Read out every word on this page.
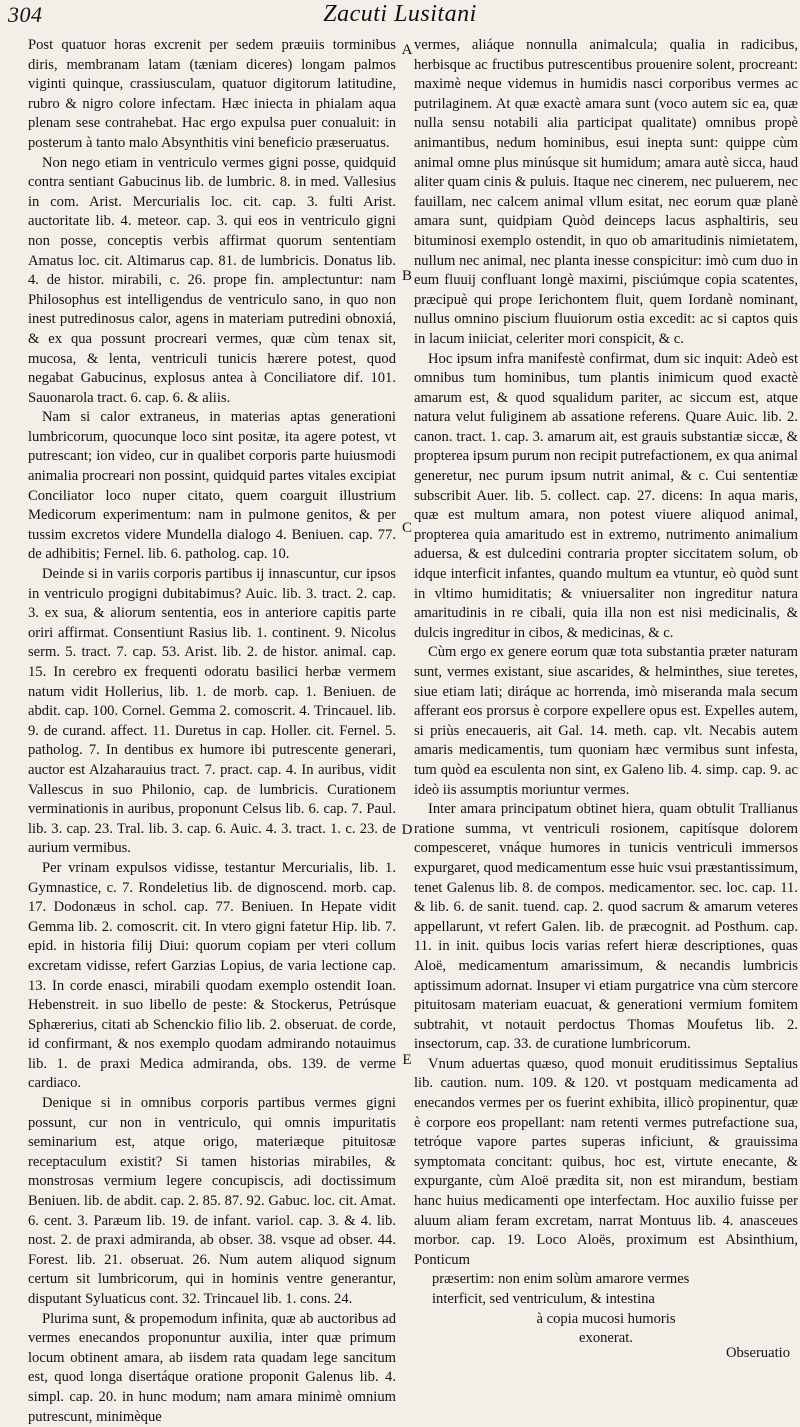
304	Zacuti Lusitani

Post quatuor horas excrenit per sedem præuiis torminibus diris, membranam latam (tæniam diceres) longam palmos viginti quinque, crassiusculam, quatuor digitorum latitudine, rubro & nigro colore infectam. Hæc iniecta in phialam aqua plenam sese contrahebat. Hac ergo expulsa puer conualuit: in posterum à tanto malo Absynthitis vini beneficio præseruatus.

Non nego etiam in ventriculo vermes gigni posse, quidquid contra sentiant Gabucinus lib. de lumbric. 8. in med. Vallesius in com. Arist. Mercurialis loc. cit. cap. 3. fulti Arist. auctoritate lib. 4. meteor. cap. 3. qui eos in ventriculo gigni non posse, conceptis verbis affirmat quorum sententiam Amatus loc. cit. Altimarus cap. 81. de lumbricis. Donatus lib. 4. de histor. mirabili, c. 26. prope fin. amplectuntur: nam Philosophus est intelligendus de ventriculo sano, in quo non inest putredinosus calor, agens in materiam putredini obnoxiá, & ex qua possunt procreari vermes, quæ cùm tenax sit, mucosa, & lenta, ventriculi tunicis hærere potest, quod negabat Gabucinus, explosus antea à Conciliatore dif. 101. Sauonarola tract. 6. cap. 6. & aliis.

Nam si calor extraneus, in materias aptas generationi lumbricorum, quocunque loco sint positæ, ita agere potest, vt putrescant; ion video, cur in qualibet corporis parte huiusmodi animalia procreari non possint, quidquid partes vitales excipiat Conciliator loco nuper citato, quem coarguit illustrium Medicorum experimentum: nam in pulmone genitos, & per tussim excretos videre Mundella dialogo 4. Beniuen. cap. 77. de adhibitis; Fernel. lib. 6. patholog. cap. 10.

Deinde si in variis corporis partibus ij innascuntur, cur ipsos in ventriculo progigni dubitabimus? Auic. lib. 3. tract. 2. cap. 3. ex sua, & aliorum sententia, eos in anteriore capitis parte oriri affirmat. Consentiunt Rasius lib. 1. continent. 9. Nicolus serm. 5. tract. 7. cap. 53. Arist. lib. 2. de histor. animal. cap. 15. In cerebro ex frequenti odoratu basilici herbæ vermem natum vidit Hollerius, lib. 1. de morb. cap. 1. Beniuen. de abdit. cap. 100. Cornel. Gemma 2. comoscrit. 4. Trincauel. lib. 9. de curand. affect. 11. Duretus in cap. Holler. cit. Fernel. 5. patholog. 7. In dentibus ex humore ibi putrescente generari, auctor est Alzaharauius tract. 7. pract. cap. 4. In auribus, vidit Vallescus in suo Philonio, cap. de lumbricis. Curationem verminationis in auribus, proponunt Celsus lib. 6. cap. 7. Paul. lib. 3. cap. 23. Tral. lib. 3. cap. 6. Auic. 4. 3. tract. 1. c. 23. de aurium vermibus.

Per vrinam expulsos vidisse, testantur Mercurialis, lib. 1. Gymnastice, c. 7. Rondeletius lib. de dignoscend. morb. cap. 17. Dodonæus in schol. cap. 77. Beniuen. In Hepate vidit Gemma lib. 2. comoscrit. cit. In vtero gigni fatetur Hip. lib. 7. epid. in historia filij Diui: quorum copiam per vteri collum excretam vidisse, refert Garzias Lopius, de varia lectione cap. 13. In corde enasci, mirabili quodam exemplo ostendit Ioan. Hebenstreit. in suo libello de peste: & Stockerus, Petrúsque Sphærerius, citati ab Schenckio filio lib. 2. obseruat. de corde, id confirmant, & nos exemplo quodam admirando notauimus lib. 1. de praxi Medica admiranda, obs. 139. de verme cardiaco.

Denique si in omnibus corporis partibus vermes gigni possunt, cur non in ventriculo, qui omnis impuritatis seminarium est, atque origo, materiæque pituitosæ receptaculum existit? Si tamen historias mirabiles, & monstrosas vermium legere concupiscis, adi doctissimum Beniuen. lib. de abdit. cap. 2. 85. 87. 92. Gabuc. loc. cit. Amat. 6. cent. 3. Paræum lib. 19. de infant. variol. cap. 3. & 4. lib. nost. 2. de praxi admiranda, ab obser. 38. vsque ad obser. 44. Forest. lib. 21. obseruat. 26. Num autem aliquod signum certum sit lumbricorum, qui in hominis ventre generantur, disputant Syluaticus cont. 32. Trincauel lib. 1. cons. 24.

Plurima sunt, & propemodum infinita, quæ ab auctoribus ad vermes enecandos proponuntur auxilia, inter quæ primum locum obtinent amara, ab iisdem rata quadam lege sancitum est, quod longa disertáque oratione proponit Galenus lib. 4. simpl. cap. 20. in hunc modum; nam amara minimè omnium putrescunt, minimèque

A
B
C
D
E

vermes, aliáque nonnulla animalcula; qualia in radicibus, herbisque ac fructibus putrescentibus prouenire solent, procreant: maximè neque videmus in humidis nasci corporibus vermes ac putrilaginem. At quæ exactè amara sunt (voco autem sic ea, quæ nulla sensu notabili alia participat qualitate) omnibus propè animantibus, nedum hominibus, esui inepta sunt: quippe cùm animal omne plus minúsque sit humidum; amara autè sicca, haud aliter quam cinis & puluis. Itaque nec cinerem, nec puluerem, nec fauillam, nec calcem animal vllum esitat, nec eorum quæ planè amara sunt, quidpiam Quòd deinceps lacus asphaltiris, seu bituminosi exemplo ostendit, in quo ob amaritudinis nimietatem, nullum nec animal, nec planta inesse conspicitur: imò cum duo in eum fluuij confluant longè maximi, pisciúmque copia scatentes, præcipuè qui prope Ierichontem fluit, quem Iordanè nominant, nullus omnino piscium fluuiorum ostia excedit: ac si captos quis in lacum iniiciat, celeriter mori conspicit, & c.

Hoc ipsum infra manifestè confirmat, dum sic inquit: Adeò est omnibus tum hominibus, tum plantis inimicum quod exactè amarum est, & quod squalidum pariter, ac siccum est, atque natura velut fuliginem ab assatione referens. Quare Auic. lib. 2. canon. tract. 1. cap. 3. amarum ait, est grauis substantiæ siccæ, & propterea ipsum purum non recipit putrefactionem, ex qua animal generetur, nec purum ipsum nutrit animal, & c. Cui sententiæ subscribit Auer. lib. 5. collect. cap. 27. dicens: In aqua maris, quæ est multum amara, non potest viuere aliquod animal, propterea quia amaritudo est in extremo, nutrimento animalium aduersa, & est dulcedini contraria propter siccitatem solum, ob idque interficit infantes, quando multum ea vtuntur, eò quòd sunt in vltimo humiditatis; & vniuersaliter non ingreditur natura amaritudinis in re cibali, quia illa non est nisi medicinalis, & dulcis ingreditur in cibos, & medicinas, & c.

Cùm ergo ex genere eorum quæ tota substantia præter naturam sunt, vermes existant, siue ascarides, & helminthes, siue teretes, siue etiam lati; diráque ac horrenda, imò miseranda mala secum afferant eos prorsus è corpore expellere opus est. Expelles autem, si priùs enecaueris, ait Gal. 14. meth. cap. vlt. Necabis autem amaris medicamentis, tum quoniam hæc vermibus sunt infesta, tum quòd ea esculenta non sint, ex Galeno lib. 4. simp. cap. 9. ac ideò iis assumptis moriuntur vermes.

Inter amara principatum obtinet hiera, quam obtulit Trallianus ratione summa, vt ventriculi rosionem, capitísque dolorem compesceret, vnáque humores in tunicis ventriculi immersos expurgaret, quod medicamentum esse huic vsui præstantissimum, tenet Galenus lib. 8. de compos. medicamentor. sec. loc. cap. 11. & lib. 6. de sanit. tuend. cap. 2. quod sacrum & amarum veteres appellarunt, vt refert Galen. lib. de præcognit. ad Posthum. cap. 11. in init. quibus locis varias refert hieræ descriptiones, quas Aloë, medicamentum amarissimum, & necandis lumbricis aptissimum adornat. Insuper vi etiam purgatrice vna cùm stercore pituitosam materiam euacuat, & generationi vermium fomitem subtrahit, vt notauit perdoctus Thomas Moufetus lib. 2. insectorum, cap. 33. de curatione lumbricorum.

Vnum aduertas quæso, quod monuit eruditissimus Septalius lib. caution. num. 109. & 120. vt postquam medicamenta ad enecandos vermes per os fuerint exhibita, illicò propinentur, quæ è corpore eos propellant: nam retenti vermes putrefactione sua, tetróque vapore partes superas inficiunt, & grauissima symptomata concitant: quibus, hoc est, virtute enecante, & expurgante, cùm Aloë prædita sit, non est mirandum, bestiam hanc huius medicamenti ope interfectam. Hoc auxilio fuisse per aluum aliam feram excretam, narrat Montuus lib. 4. anasceues morbor. cap. 19. Loco Aloës, proximum est Absinthium, Ponticum

præsertim: non enim solùm amarore vermes

interficit, sed ventriculum, & intestina

à copia mucosi humoris

exonerat.

Obseruatio
